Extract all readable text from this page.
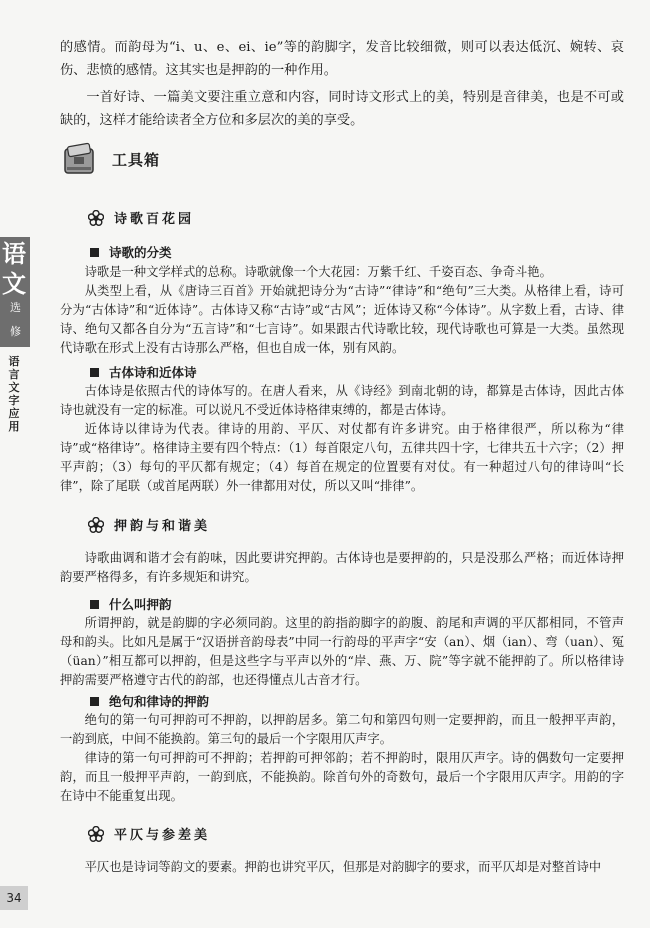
语
文
选
修
语言文字应用
34

的感情。而韵母为“i、u、e、ei、ie”等的韵脚字，发音比较细微，则可以表达低沉、婉转、哀伤、悲愤的感情。这其实也是押韵的一种作用。

一首好诗、一篇美文要注重立意和内容，同时诗文形式上的美，特别是音律美，也是不可或缺的，这样才能给读者全方位和多层次的美的享受。

工具箱
诗歌百花园
诗歌的分类

诗歌是一种文学样式的总称。诗歌就像一个大花园：万紫千红、千姿百态、争奇斗艳。

从类型上看，从《唐诗三百首》开始就把诗分为“古诗”“律诗”和“绝句”三大类。从格律上看，诗可分为“古体诗”和“近体诗”。古体诗又称“古诗”或“古风”；近体诗又称“今体诗”。从字数上看，古诗、律诗、绝句又都各自分为“五言诗”和“七言诗”。如果跟古代诗歌比较，现代诗歌也可算是一大类。虽然现代诗歌在形式上没有古诗那么严格，但也自成一体，别有风韵。

古体诗和近体诗

古体诗是依照古代的诗体写的。在唐人看来，从《诗经》到南北朝的诗，都算是古体诗，因此古体诗也就没有一定的标准。可以说凡不受近体诗格律束缚的，都是古体诗。

近体诗以律诗为代表。律诗的用韵、平仄、对仗都有许多讲究。由于格律很严，所以称为“律诗”或“格律诗”。格律诗主要有四个特点：（1）每首限定八句，五律共四十字，七律共五十六字；（2）押平声韵；（3）每句的平仄都有规定；（4）每首在规定的位置要有对仗。有一种超过八句的律诗叫“长律”，除了尾联（或首尾两联）外一律都用对仗，所以又叫“排律”。

押韵与和谐美

诗歌曲调和谐才会有韵味，因此要讲究押韵。古体诗也是要押韵的，只是没那么严格；而近体诗押韵要严格得多，有许多规矩和讲究。

什么叫押韵

所谓押韵，就是韵脚的字必须同韵。这里的韵指韵脚字的韵腹、韵尾和声调的平仄都相同，不管声母和韵头。比如凡是属于“汉语拼音韵母表”中同一行韵母的平声字“安（an）、烟（ian）、弯（uan）、冤（üan）”相互都可以押韵，但是这些字与平声以外的“岸、燕、万、院”等字就不能押韵了。所以格律诗押韵需要严格遵守古代的韵部，也还得懂点儿古音才行。

绝句和律诗的押韵

绝句的第一句可押韵可不押韵，以押韵居多。第二句和第四句则一定要押韵，而且一般押平声韵，一韵到底，中间不能换韵。第三句的最后一个字限用仄声字。

律诗的第一句可押韵可不押韵；若押韵可押邻韵；若不押韵时，限用仄声字。诗的偶数句一定要押韵，而且一般押平声韵，一韵到底，不能换韵。除首句外的奇数句，最后一个字限用仄声字。用韵的字在诗中不能重复出现。

平仄与参差美

平仄也是诗词等韵文的要素。押韵也讲究平仄，但那是对韵脚字的要求，而平仄却是对整首诗中
